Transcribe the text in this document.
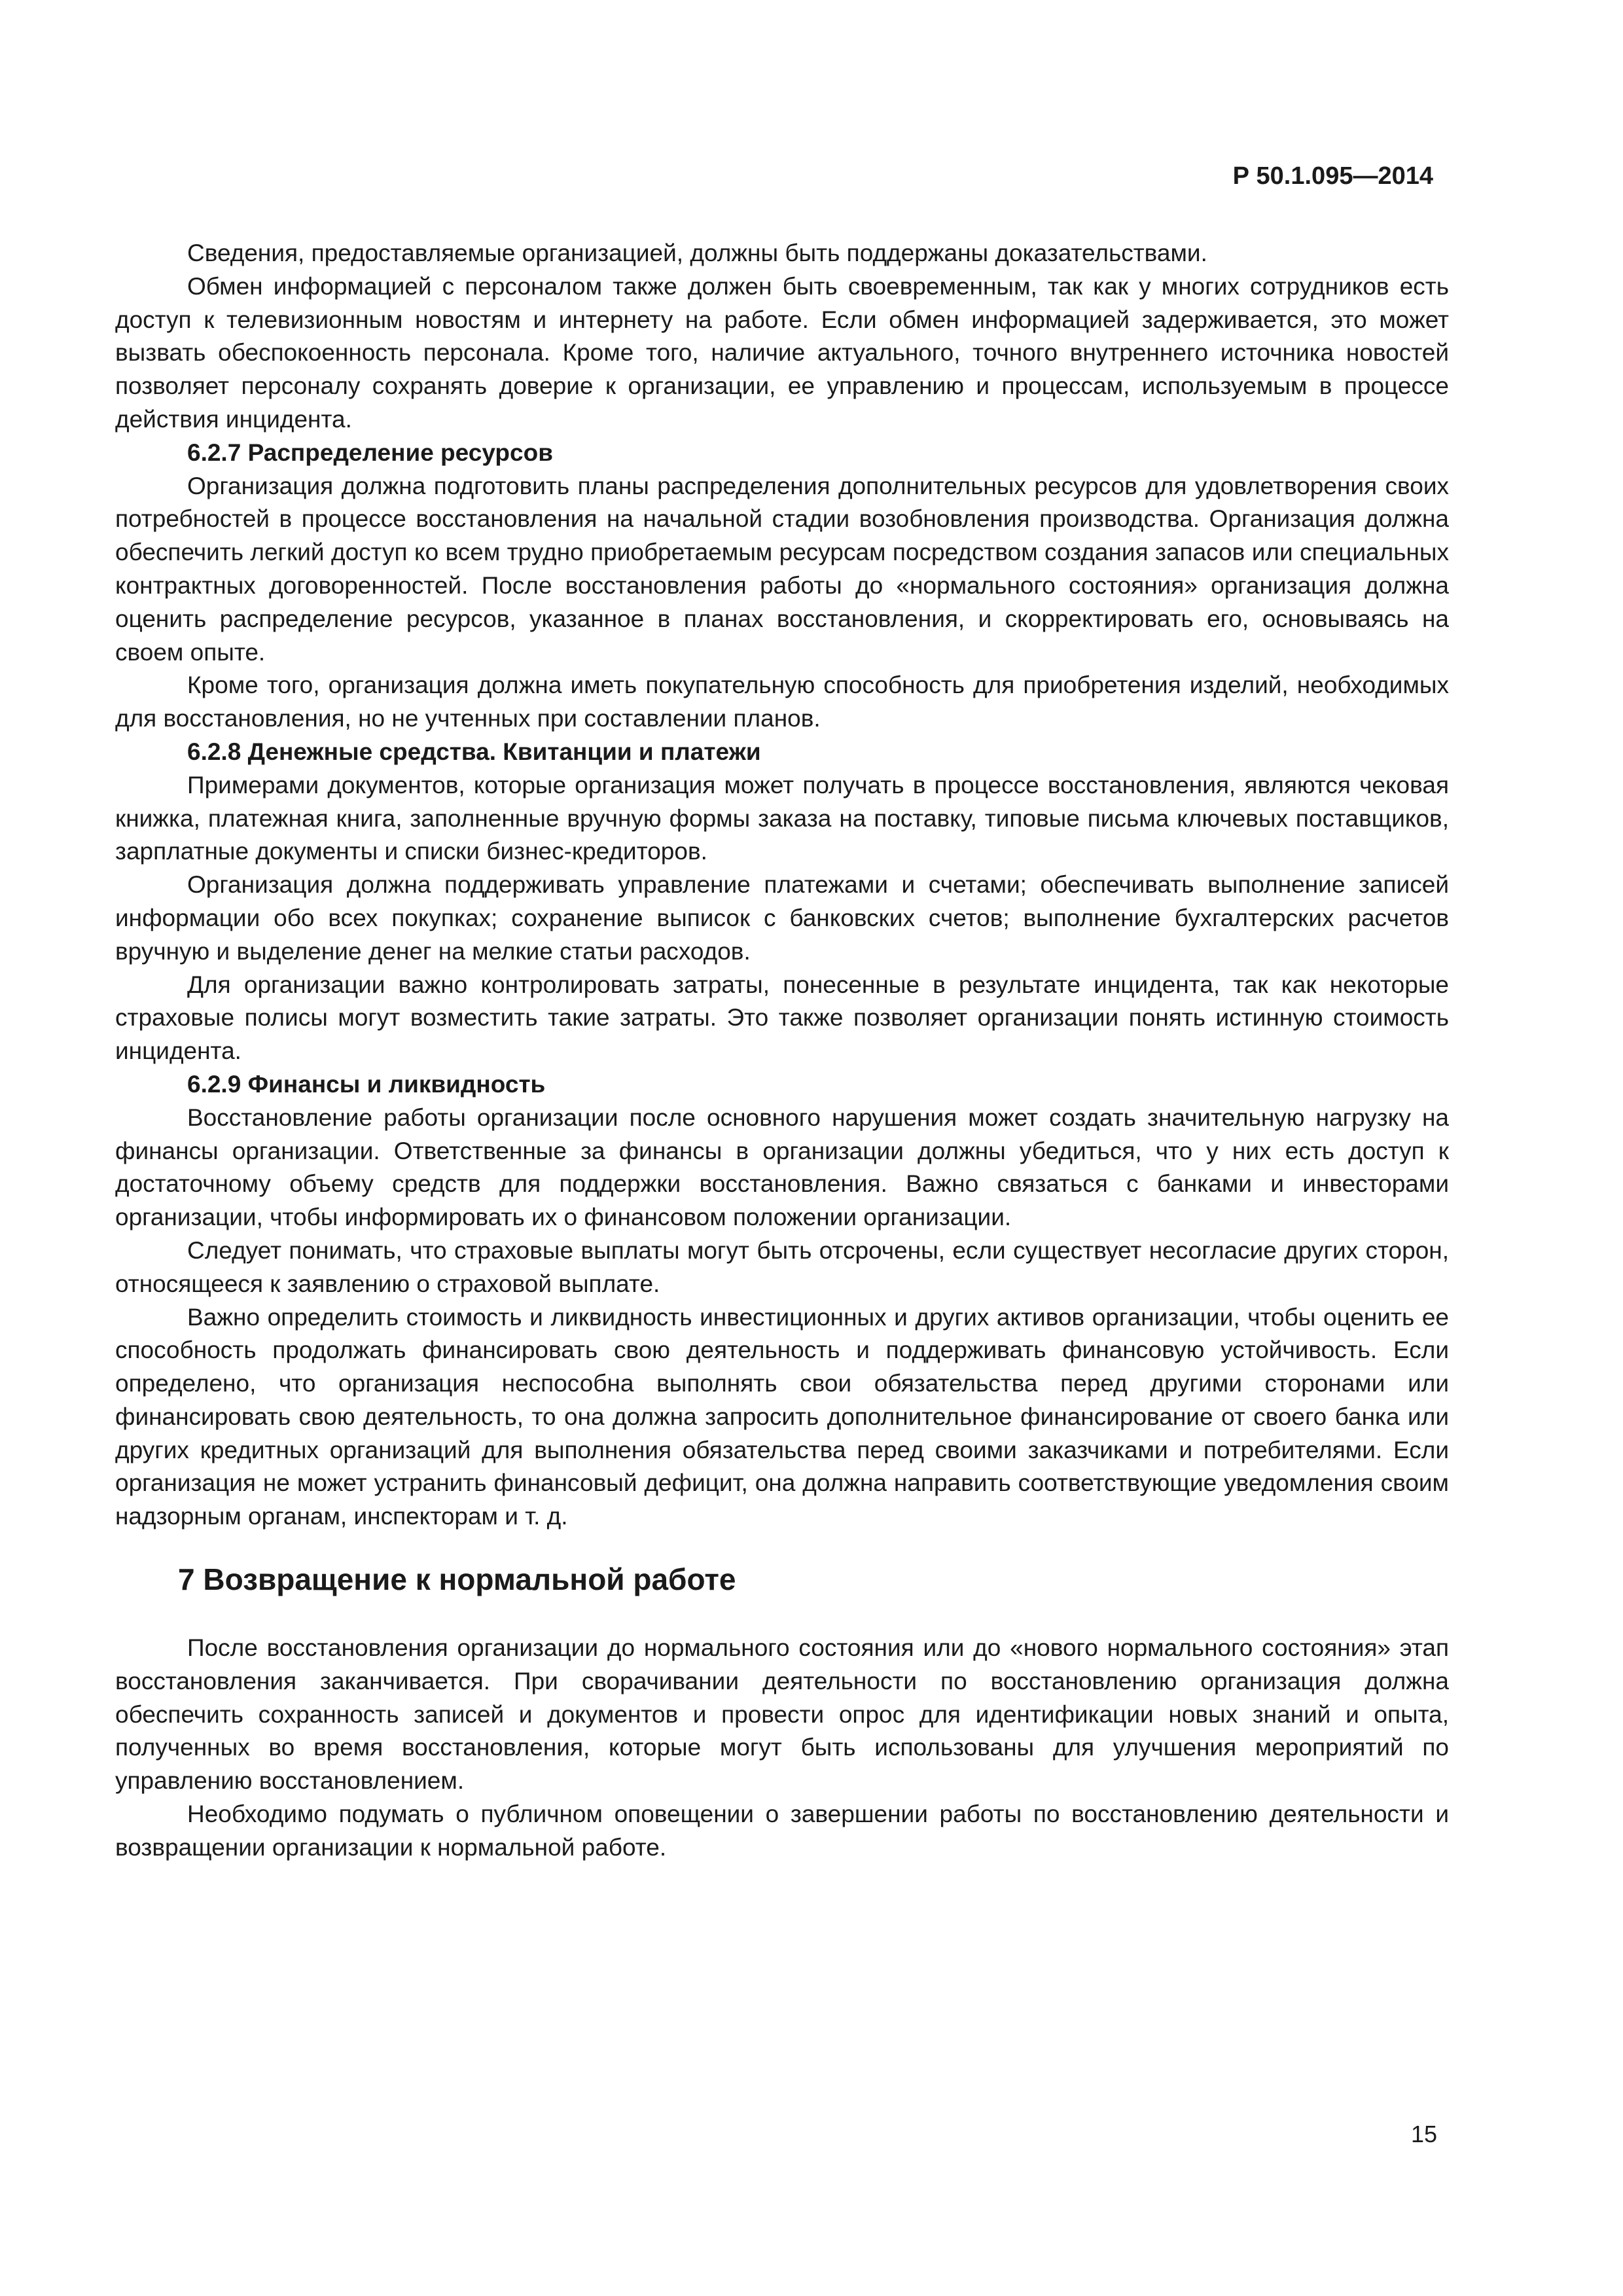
Р 50.1.095—2014

Сведения, предоставляемые организацией, должны быть поддержаны доказательствами.

Обмен информацией с персоналом также должен быть своевременным, так как у многих сотрудников есть доступ к телевизионным новостям и интернету на работе. Если обмен информацией задерживается, это может вызвать обеспокоенность персонала. Кроме того, наличие актуального, точного внутреннего источника новостей позволяет персоналу сохранять доверие к организации, ее управлению и процессам, используемым в процессе действия инцидента.

6.2.7 Распределение ресурсов

Организация должна подготовить планы распределения дополнительных ресурсов для удовлетворения своих потребностей в процессе восстановления на начальной стадии возобновления производства. Организация должна обеспечить легкий доступ ко всем трудно приобретаемым ресурсам посредством создания запасов или специальных контрактных договоренностей. После восстановления работы до «нормального состояния» организация должна оценить распределение ресурсов, указанное в планах восстановления, и скорректировать его, основываясь на своем опыте.

Кроме того, организация должна иметь покупательную способность для приобретения изделий, необходимых для восстановления, но не учтенных при составлении планов.

6.2.8 Денежные средства. Квитанции и платежи

Примерами документов, которые организация может получать в процессе восстановления, являются чековая книжка, платежная книга, заполненные вручную формы заказа на поставку, типовые письма ключевых поставщиков, зарплатные документы и списки бизнес-кредиторов.

Организация должна поддерживать управление платежами и счетами; обеспечивать выполнение записей информации обо всех покупках; сохранение выписок с банковских счетов; выполнение бухгалтерских расчетов вручную и выделение денег на мелкие статьи расходов.

Для организации важно контролировать затраты, понесенные в результате инцидента, так как некоторые страховые полисы могут возместить такие затраты. Это также позволяет организации понять истинную стоимость инцидента.

6.2.9 Финансы и ликвидность

Восстановление работы организации после основного нарушения может создать значительную нагрузку на финансы организации. Ответственные за финансы в организации должны убедиться, что у них есть доступ к достаточному объему средств для поддержки восстановления. Важно связаться с банками и инвесторами организации, чтобы информировать их о финансовом положении организации.

Следует понимать, что страховые выплаты могут быть отсрочены, если существует несогласие других сторон, относящееся к заявлению о страховой выплате.

Важно определить стоимость и ликвидность инвестиционных и других активов организации, чтобы оценить ее способность продолжать финансировать свою деятельность и поддерживать финансовую устойчивость. Если определено, что организация неспособна выполнять свои обязательства перед другими сторонами или финансировать свою деятельность, то она должна запросить дополнительное финансирование от своего банка или других кредитных организаций для выполнения обязательства перед своими заказчиками и потребителями. Если организация не может устранить финансовый дефицит, она должна направить соответствующие уведомления своим надзорным органам, инспекторам и т. д.

7 Возвращение к нормальной работе

После восстановления организации до нормального состояния или до «нового нормального состояния» этап восстановления заканчивается. При сворачивании деятельности по восстановлению организация должна обеспечить сохранность записей и документов и провести опрос для идентификации новых знаний и опыта, полученных во время восстановления, которые могут быть использованы для улучшения мероприятий по управлению восстановлением.

Необходимо подумать о публичном оповещении о завершении работы по восстановлению деятельности и возвращении организации к нормальной работе.

15
